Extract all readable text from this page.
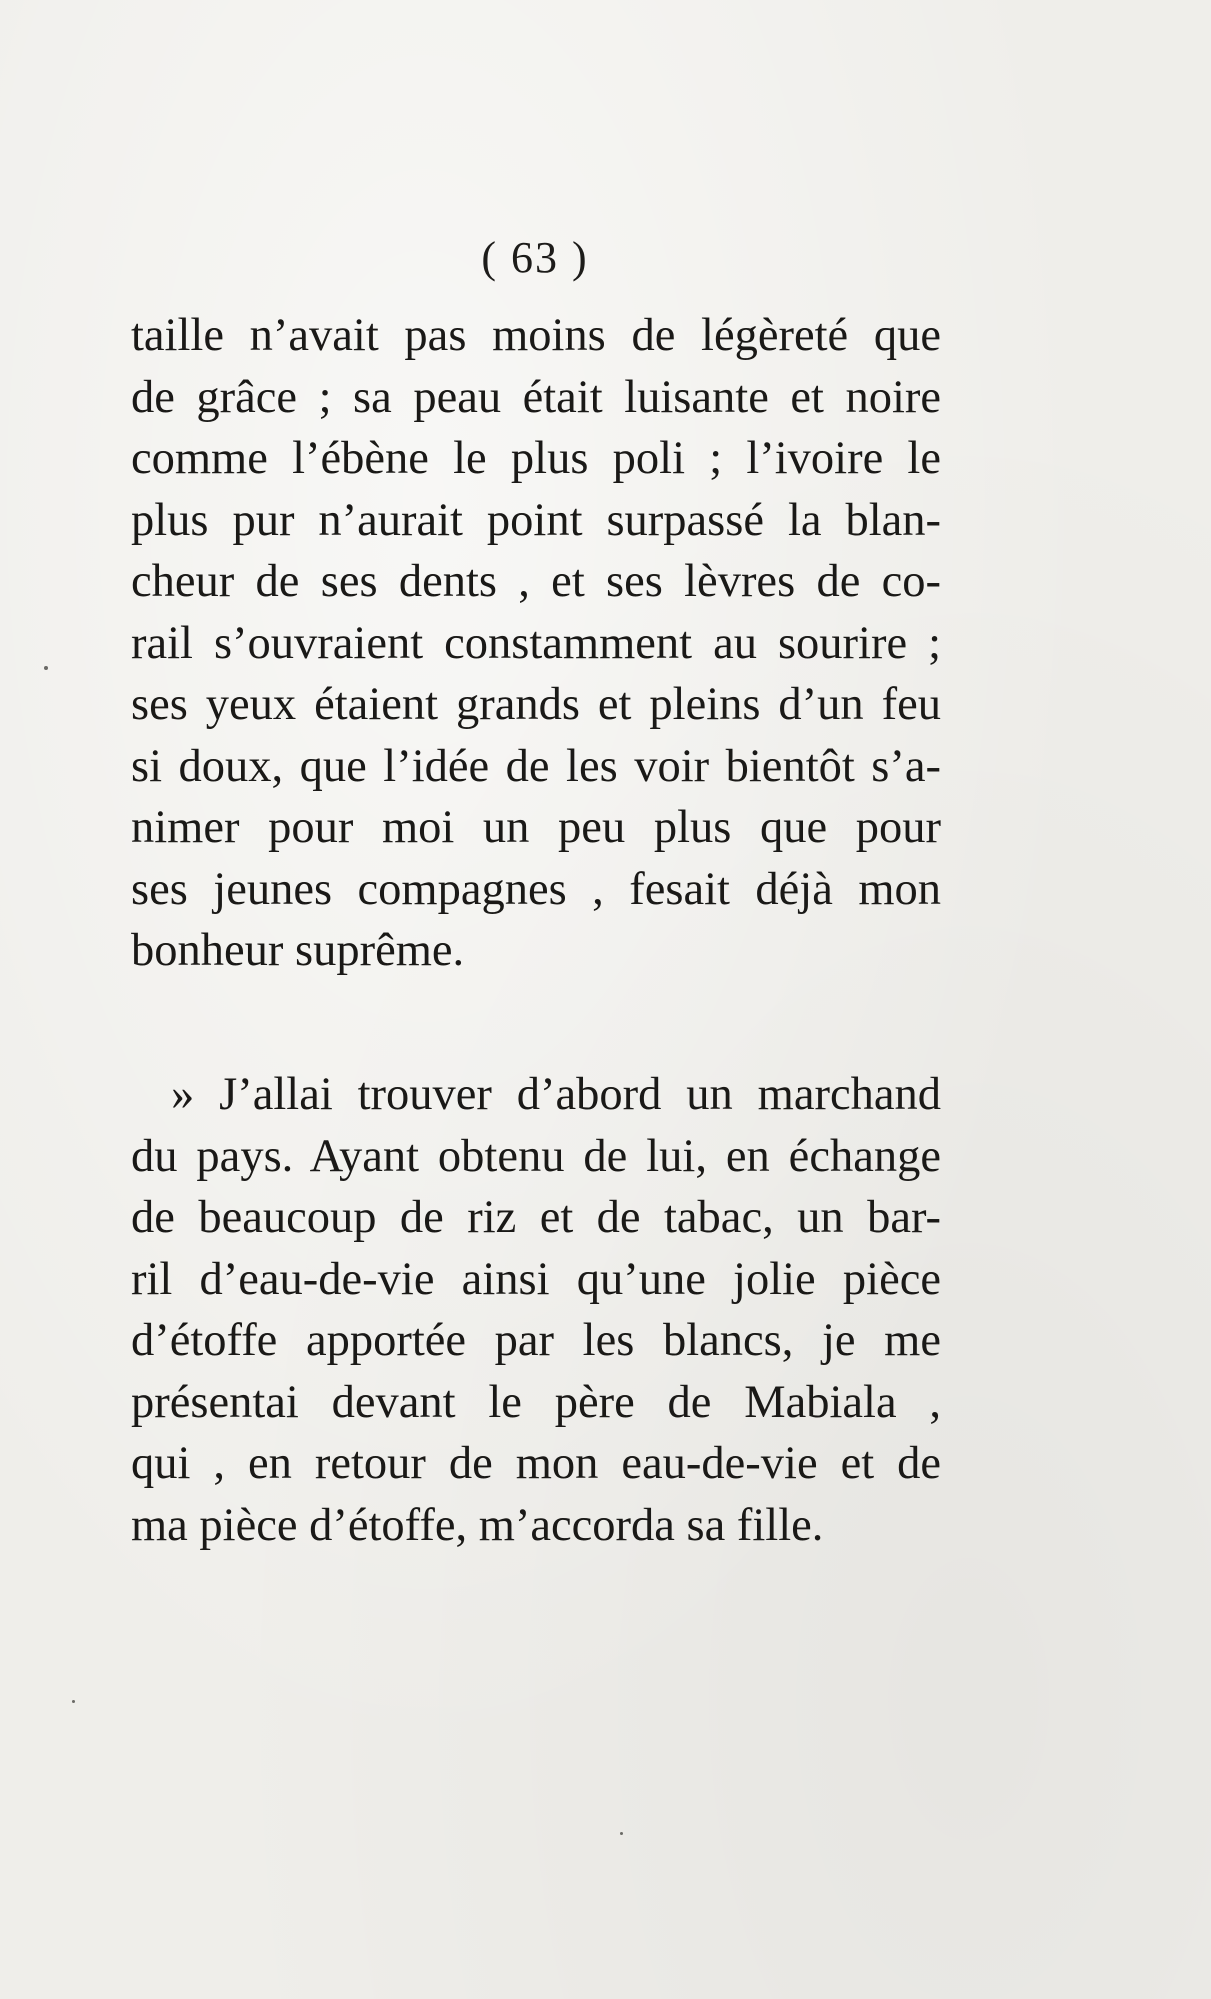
( 63 )
taille n’avait pas moins de légèreté que
de grâce ; sa peau était luisante et noire
comme l’ébène le plus poli ; l’ivoire le
plus pur n’aurait point surpassé la blan-
cheur de ses dents , et ses lèvres de co-
rail s’ouvraient constamment au sourire ;
ses yeux étaient grands et pleins d’un feu
si doux, que l’idée de les voir bientôt s’a-
nimer pour moi un peu plus que pour
ses jeunes compagnes , fesait déjà mon
bonheur suprême.
» J’allai trouver d’abord un marchand
du pays. Ayant obtenu de lui, en échange
de beaucoup de riz et de tabac, un bar-
ril d’eau-de-vie ainsi qu’une jolie pièce
d’étoffe apportée par les blancs, je me
présentai devant le père de Mabiala ,
qui , en retour de mon eau-de-vie et de
ma pièce d’étoffe, m’accorda sa fille.
